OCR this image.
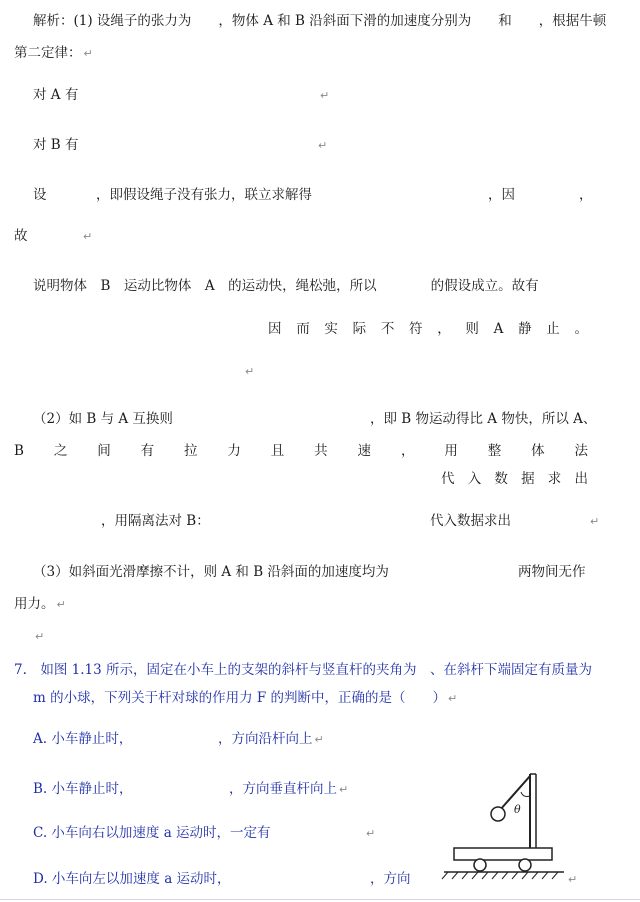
解析：(1) 设绳子的张力为　　，物体 A 和 B 沿斜面下滑的加速度分别为　　和　　，根据牛顿
第二定律： ↵
对 A 有	↵
对 B 有	↵
设	，即假设绳子没有张力，联立求解得	，因	，
故	↵
说明物体　B　运动比物体　A　的运动快，绳松弛，所以　　　　的假设成立。故有
因 而 实 际 不 符 ， 则 A 静 止 。
↵
（2）如 B 与 A 互换则	，即 B 物运动得比 A 物快，所以 A、
B 之 间 有 拉 力 且 共 速 ， 用 整 体 法
代 入 数 据 求 出
，用隔离法对 B：	代入数据求出	↵
（3）如斜面光滑摩擦不计，则 A 和 B 沿斜面的加速度均为	两物间无作
用力。 ↵
↵
7.　如图 1.13 所示，固定在小车上的支架的斜杆与竖直杆的夹角为　、在斜杆下端固定有质量为
m 的小球，下列关于杆对球的作用力 F 的判断中，正确的是（　　） ↵
A. 小车静止时，	，方向沿杆向上 ↵
B. 小车静止时，	，方向垂直杆向上 ↵
C. 小车向右以加速度 a 运动时，一定有	↵
D. 小车向左以加速度 a 运动时，	，方向	↵
θ
